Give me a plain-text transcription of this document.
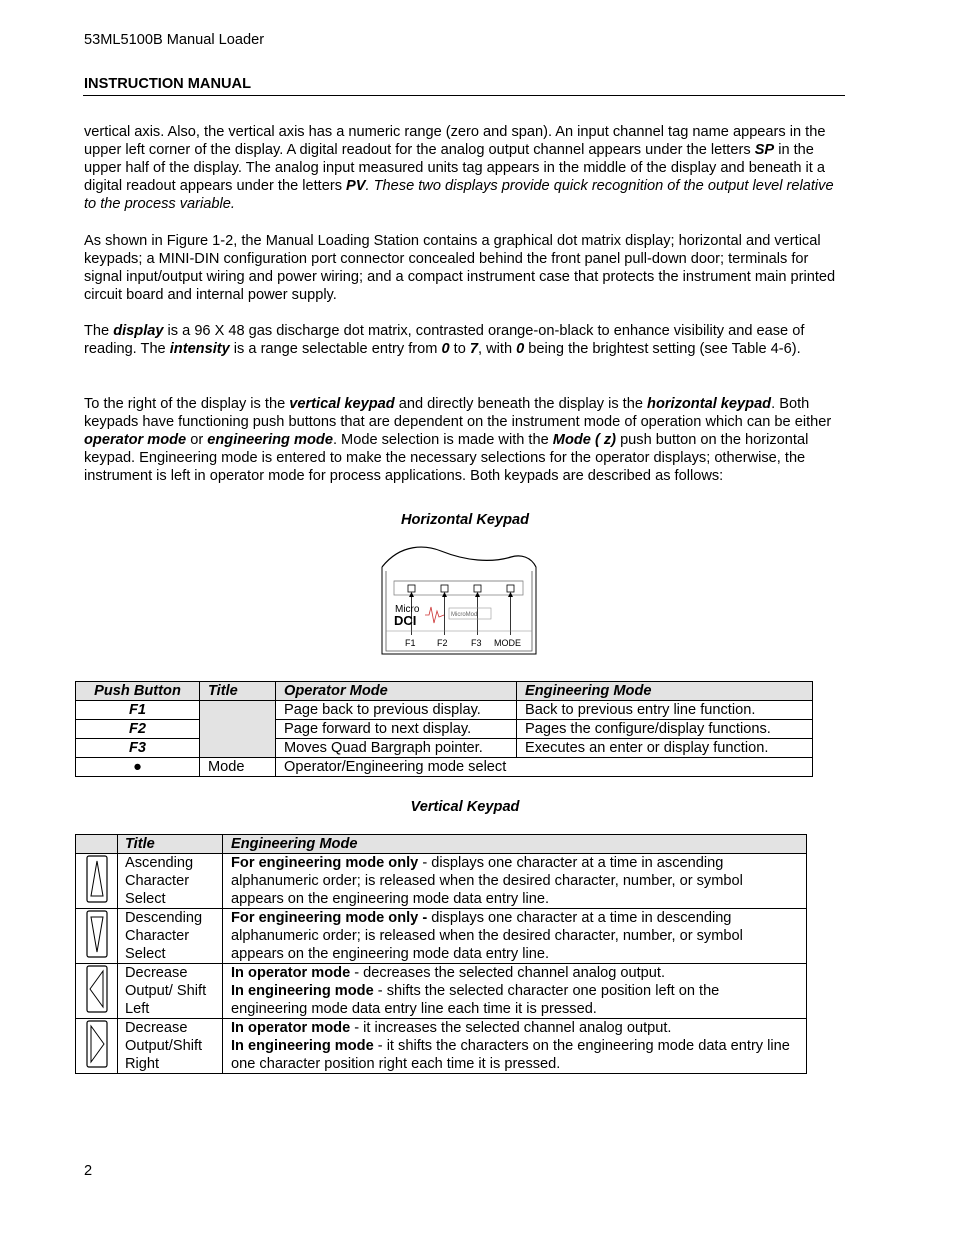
53ML5100B Manual Loader
INSTRUCTION MANUAL

vertical axis. Also, the vertical axis has a numeric range (zero and span). An input channel tag name appears in the upper left corner of the display. A digital readout for the analog output channel appears under the letters SP in the upper half of the display. The analog input measured units tag appears in the middle of the display and beneath it a digital readout appears under the letters PV. These two displays provide quick recognition of the output level relative to the process variable.

As shown in Figure 1-2, the Manual Loading Station contains a graphical dot matrix display; horizontal and vertical keypads; a MINI-DIN configuration port connector concealed behind the front panel pull-down door; terminals for signal input/output wiring and power wiring; and a compact instrument case that protects the instrument main printed circuit board and internal power supply.

The display is a 96 X 48 gas discharge dot matrix, contrasted orange-on-black to enhance visibility and ease of reading. The intensity is a range selectable entry from 0 to 7, with 0 being the brightest setting (see Table 4-6).

To the right of the display is the vertical keypad and directly beneath the display is the horizontal keypad. Both keypads have functioning push buttons that are dependent on the instrument mode of operation which can be either operator mode or engineering mode. Mode selection is made with the Mode ( z) push button on the horizontal keypad. Engineering mode is entered to make the necessary selections for the operator displays; otherwise, the instrument is left in operator mode for process applications. Both keypads are described as follows:

Horizontal Keypad
Micro
DCI	MicroMod
F1 F2	F3 MODE
Push Button	Title	Operator Mode	Engineering Mode
F1		Page back to previous display.	Back to previous entry line function.
F2		Page forward to next display.	Pages the configure/display functions.
F3		Moves Quad Bargraph pointer.	Executes an enter or display function.
●	Mode	Operator/Engineering mode select	
Vertical Keypad
	Title	Engineering Mode
	Ascending Character Select	For engineering mode only - displays one character at a time in ascending alphanumeric order; is released when the desired character, number, or symbol appears on the engineering mode data entry line.
	Descending Character Select	For engineering mode only - displays one character at a time in descending alphanumeric order; is released when the desired character, number, or symbol appears on the engineering mode data entry line.
	Decrease Output/ Shift Left	In operator mode - decreases the selected channel analog output.
In engineering mode - shifts the selected character one position left on the engineering mode data entry line each time it is pressed.
	Decrease Output/Shift Right	In operator mode - it increases the selected channel analog output.
In engineering mode - it shifts the characters on the engineering mode data entry line one character position right each time it is pressed.
2
